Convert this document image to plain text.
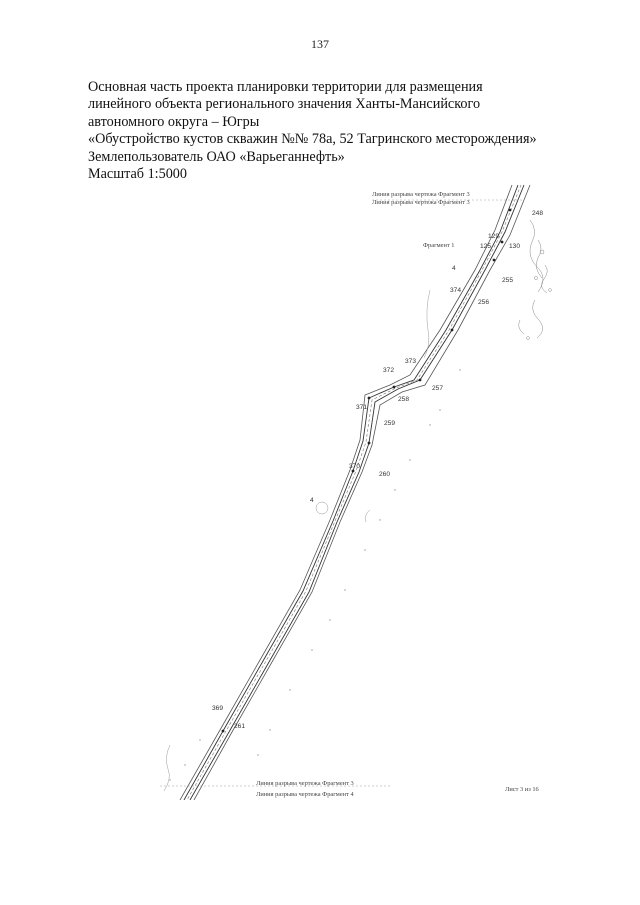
137
Основная часть проекта планировки территории для размещения
линейного объекта регионального значения Ханты-Мансийского
автономного округа – Югры
«Обустройство кустов скважин №№ 78а, 52 Тагринского месторождения»
Землепользователь ОАО «Варьеганнефть»
Масштаб 1:5000
Линия разрыва чертежа Фрагмент 3
Линия разрыва чертежа Фрагмент 3
Фрагмент 1
248
129
125	130
255
374
256
373
372
257
258
371
259
370
260
369
261
4
4
Линия разрыва чертежа Фрагмент 3
Линия разрыва чертежа Фрагмент 4
Лист 3 из 16
